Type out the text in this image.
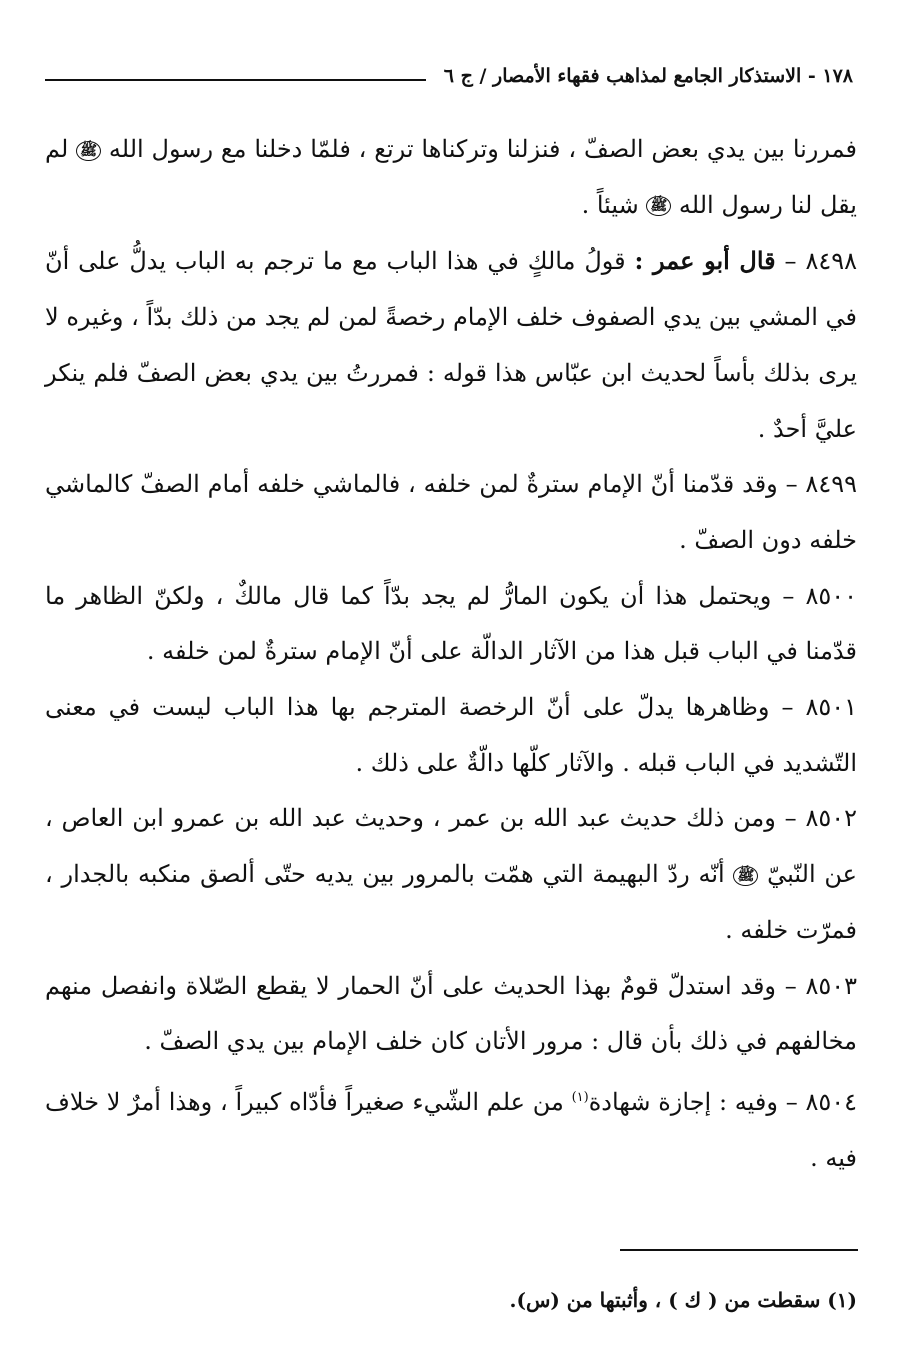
١٧٨ - الاستذكار الجامع لمذاهب فقهاء الأمصار / ج ٦

فمررنا بين يدي بعض الصفّ ، فنزلنا وتركناها ترتع ، فلمّا دخلنا مع رسول الله ﷺ لم يقل لنا رسول الله ﷺ شيئاً .

٨٤٩٨ – قال أبو عمر : قولُ مالكٍ في هذا الباب مع ما ترجم به الباب يدلُّ على أنّ في المشي بين يدي الصفوف خلف الإمام رخصةً لمن لم يجد من ذلك بدّاً ، وغيره لا يرى بذلك بأساً لحديث ابن عبّاس هذا قوله : فمررتُ بين يدي بعض الصفّ فلم ينكر عليَّ أحدٌ .

٨٤٩٩ – وقد قدّمنا أنّ الإمام سترةٌ لمن خلفه ، فالماشي خلفه أمام الصفّ كالماشي خلفه دون الصفّ .

٨٥٠٠ – ويحتمل هذا أن يكون المارُّ لم يجد بدّاً كما قال مالكٌ ، ولكنّ الظاهر ما قدّمنا في الباب قبل هذا من الآثار الدالّة على أنّ الإمام سترةٌ لمن خلفه .

٨٥٠١ – وظاهرها يدلّ على أنّ الرخصة المترجم بها هذا الباب ليست في معنى التّشديد في الباب قبله . والآثار كلّها دالّةٌ على ذلك .

٨٥٠٢ – ومن ذلك حديث عبد الله بن عمر ، وحديث عبد الله بن عمرو ابن العاص ، عن النّبيّ ﷺ أنّه ردّ البهيمة التي همّت بالمرور بين يديه حتّى ألصق منكبه بالجدار ، فمرّت خلفه .

٨٥٠٣ – وقد استدلّ قومٌ بهذا الحديث على أنّ الحمار لا يقطع الصّلاة وانفصل منهم مخالفهم في ذلك بأن قال : مرور الأتان كان خلف الإمام بين يدي الصفّ .

٨٥٠٤ – وفيه : إجازة شهادة$^{(١)}$ من علم الشّيء صغيراً فأدّاه كبيراً ، وهذا أمرٌ لا خلاف فيه .

(١) سقطت من ( ك ) ، وأثبتها من (س).
